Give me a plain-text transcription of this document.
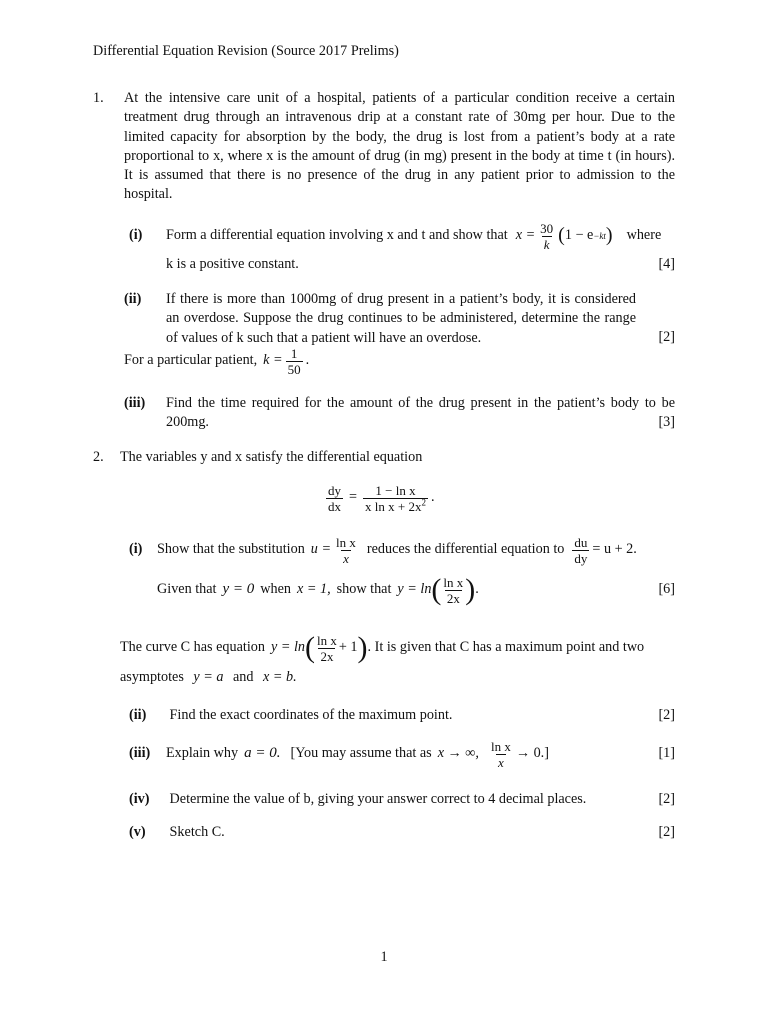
Differential Equation Revision (Source 2017 Prelims)
1.	At the intensive care unit of a hospital, patients of a particular condition receive a certain treatment drug through an intravenous drip at a constant rate of 30mg per hour. Due to the limited capacity for absorption by the body, the drug is lost from a patient’s body at a rate proportional to x, where x is the amount of drug (in mg) present in the body at time t (in hours). It is assumed that there is no presence of the drug in any patient prior to admission to the hospital.
(i)	Form a differential equation involving x and t and show that $x = \frac{30}{k}$ ( 1 − e −kt ) where
k is a positive constant.	[4]
(ii) If there is more than 1000mg of drug present in a patient’s body, it is considered an overdose. Suppose the drug continues to be administered, determine the range of values of k such that a patient will have an overdose.	[2]
For a particular patient, $k = \frac{1}{50}$ .
(iii) Find the time required for the amount of the drug present in the patient’s body to be 200mg.	[3]
2.	The variables y and x satisfy the differential equation
$\frac{dy}{dx} = \frac{\text{1 − ln x}}{x \ln x + 2x^2}$ .
(i)	Show that the substitution $u = \frac{\text{ln x}}{x}$ reduces the differential equation to $\frac{du}{dy} = u + 2$.
Given that y = 0 when x = 1, show that y = ln ( $\frac{\text{ln x}}{2x}$ ) .	[6]
The curve C has equation y = ln ( $\frac{\text{ln x}}{2x} + 1$ ) . It is given that C has a maximum point and two
asymptotes y = a and x = b.
(ii) Find the exact coordinates of the maximum point.	[2]
(iii)	Explain why a = 0. [You may assume that as x → ∞, $\frac{\text{ln x}}{x} \to 0$.]	[1]
(iv) Determine the value of b, giving your answer correct to 4 decimal places.	[2]
(v) Sketch C.	[2]
1
